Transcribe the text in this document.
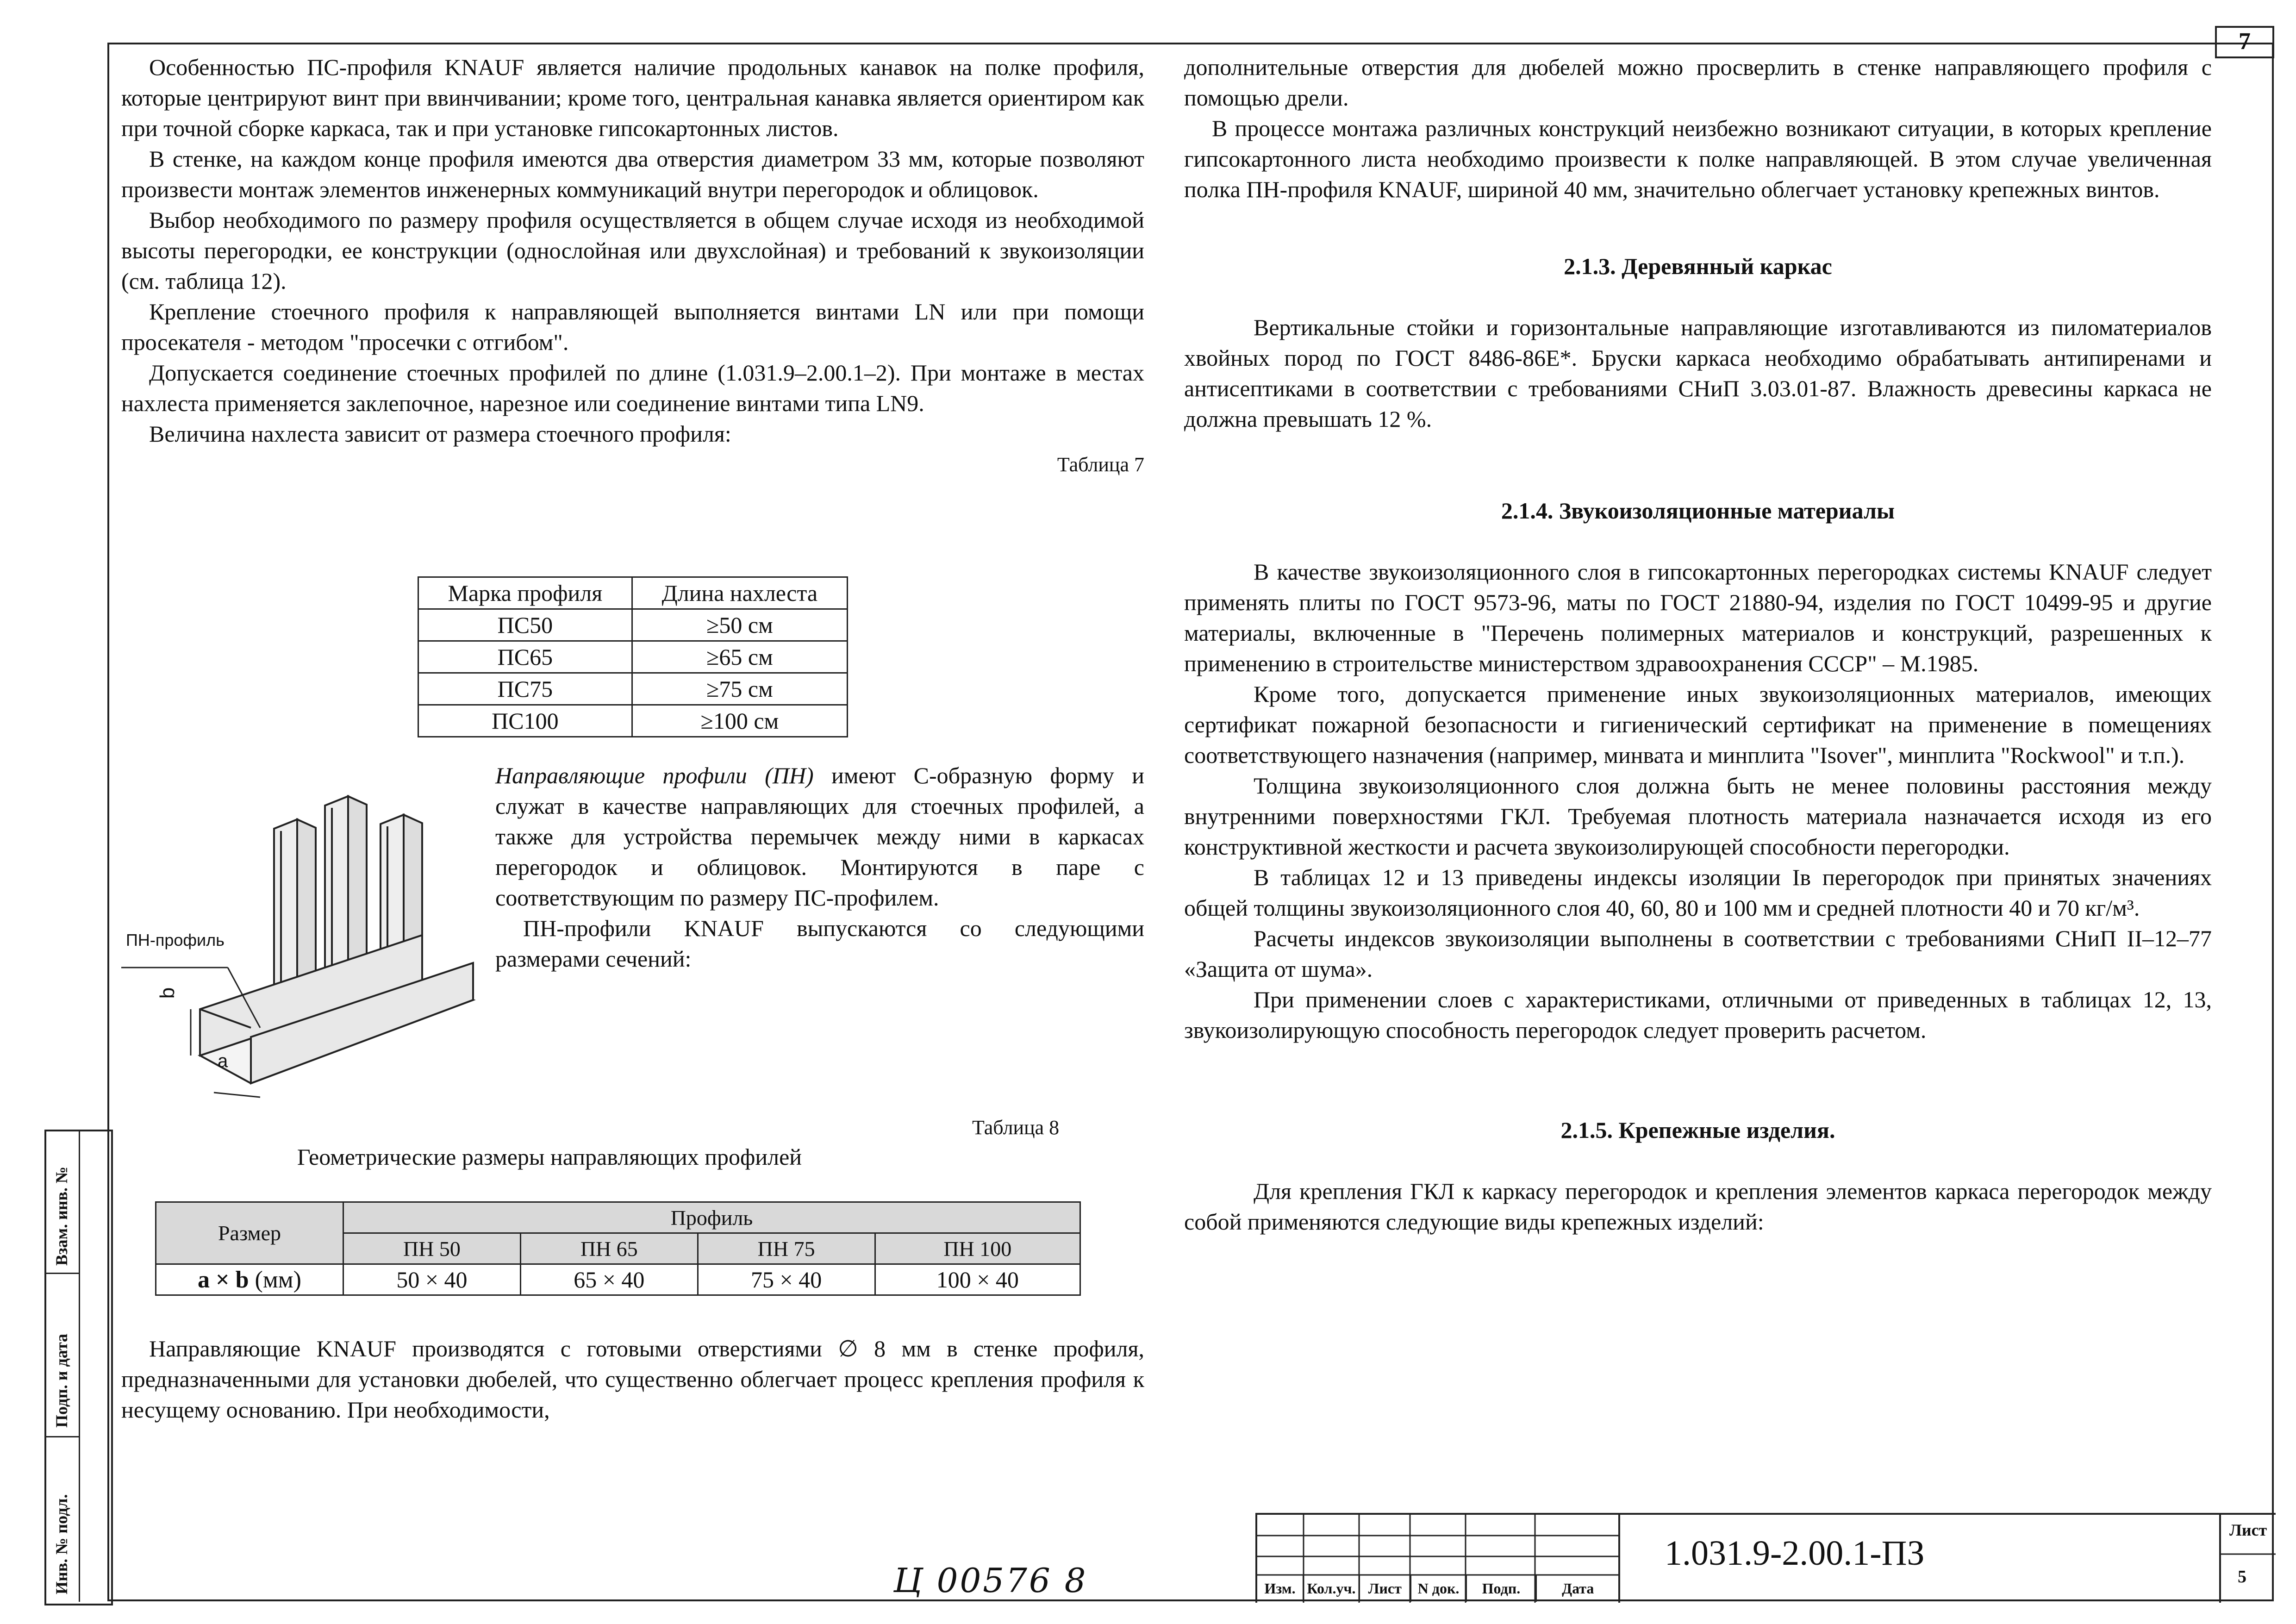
7

Особенностью ПС-профиля KNAUF является наличие продольных канавок на полке профиля, которые центрируют винт при ввинчивании; кроме того, центральная канавка является ориентиром как при точной сборке каркаса, так и при установке гипсокартонных листов.

В стенке, на каждом конце профиля имеются два отверстия диаметром 33 мм, которые позволяют произвести монтаж элементов инженерных коммуникаций внутри перегородок и облицовок.

Выбор необходимого по размеру профиля осуществляется в общем случае исходя из необходимой высоты перегородки, ее конструкции (однослойная или двухслойная) и требований к звукоизоляции (см. таблица 12).

Крепление стоечного профиля к направляющей выполняется винтами LN или при помощи просекателя - методом "просечки с отгибом".

Допускается соединение стоечных профилей по длине (1.031.9–2.00.1–2). При монтаже в местах нахлеста применяется заклепочное, нарезное или соединение винтами типа LN9.

Величина нахлеста зависит от размера стоечного профиля:

Таблица 7
Марка профиля	Длина нахлеста
ПС50	≥50 см
ПС65	≥65 см
ПС75	≥75 см
ПС100	≥100 см
ПН-профиль
b
a

Направляющие профили (ПН) имеют С-образную форму и служат в качестве направляющих для стоечных профилей, а также для устройства перемычек между ними в каркасах перегородок и облицовок. Монтируются в паре с соответствующим по размеру ПС-профилем.

ПН-профили KNAUF выпускаются со следующими размерами сечений:

Таблица 8
Геометрические размеры направляющих профилей
Размер	Профиль			
	ПН 50	ПН 65	ПН 75	ПН 100
a × b (мм)	50 × 40	65 × 40	75 × 40	100 × 40

Направляющие KNAUF производятся с готовыми отверстиями ∅ 8 мм в стенке профиля, предназначенными для установки дюбелей, что существенно облегчает процесс крепления профиля к несущему основанию. При необходимости,

дополнительные отверстия для дюбелей можно просверлить в стенке направляющего профиля с помощью дрели.

В процессе монтажа различных конструкций неизбежно возникают ситуации, в которых крепление гипсокартонного листа необходимо произвести к полке направляющей. В этом случае увеличенная полка ПН-профиля KNAUF, шириной 40 мм, значительно облегчает установку крепежных винтов.

2.1.3. Деревянный каркас

Вертикальные стойки и горизонтальные направляющие изготавливаются из пиломатериалов хвойных пород по ГОСТ 8486-86Е*. Бруски каркаса необходимо обрабатывать антипиренами и антисептиками в соответствии с требованиями СНиП 3.03.01-87. Влажность древесины каркаса не должна превышать 12 %.

2.1.4. Звукоизоляционные материалы

В качестве звукоизоляционного слоя в гипсокартонных перегородках системы KNAUF следует применять плиты по ГОСТ 9573-96, маты по ГОСТ 21880-94, изделия по ГОСТ 10499-95 и другие материалы, включенные в "Перечень полимерных материалов и конструкций, разрешенных к применению в строительстве министерством здравоохранения СССР" – М.1985.

Кроме того, допускается применение иных звукоизоляционных материалов, имеющих сертификат пожарной безопасности и гигиенический сертификат на применение в помещениях соответствующего назначения (например, минвата и минплита "Isover", минплита "Rockwool" и т.п.).

Толщина звукоизоляционного слоя должна быть не менее половины расстояния между внутренними поверхностями ГКЛ. Требуемая плотность материала назначается исходя из его конструктивной жесткости и расчета звукоизолирующей способности перегородки.

В таблицах 12 и 13 приведены индексы изоляции Iв перегородок при принятых значениях общей толщины звукоизоляционного слоя 40, 60, 80 и 100 мм и средней плотности 40 и 70 кг/м³.

Расчеты индексов звукоизоляции выполнены в соответствии с требованиями СНиП II–12–77 «Защита от шума».

При применении слоев с характеристиками, отличными от приведенных в таблицах 12, 13, звукоизолирующую способность перегородок следует проверить расчетом.

2.1.5. Крепежные изделия.

Для крепления ГКЛ к каркасу перегородок и крепления элементов каркаса перегородок между собой применяются следующие виды крепежных изделий:

Изм. Кол.уч. Лист	N док.	Подп.	Дата
1.031.9-2.00.1-ПЗ
Лист
5
Взам. инв. №
Подп. и дата
Инв. № подл.	Ц 00576 8
